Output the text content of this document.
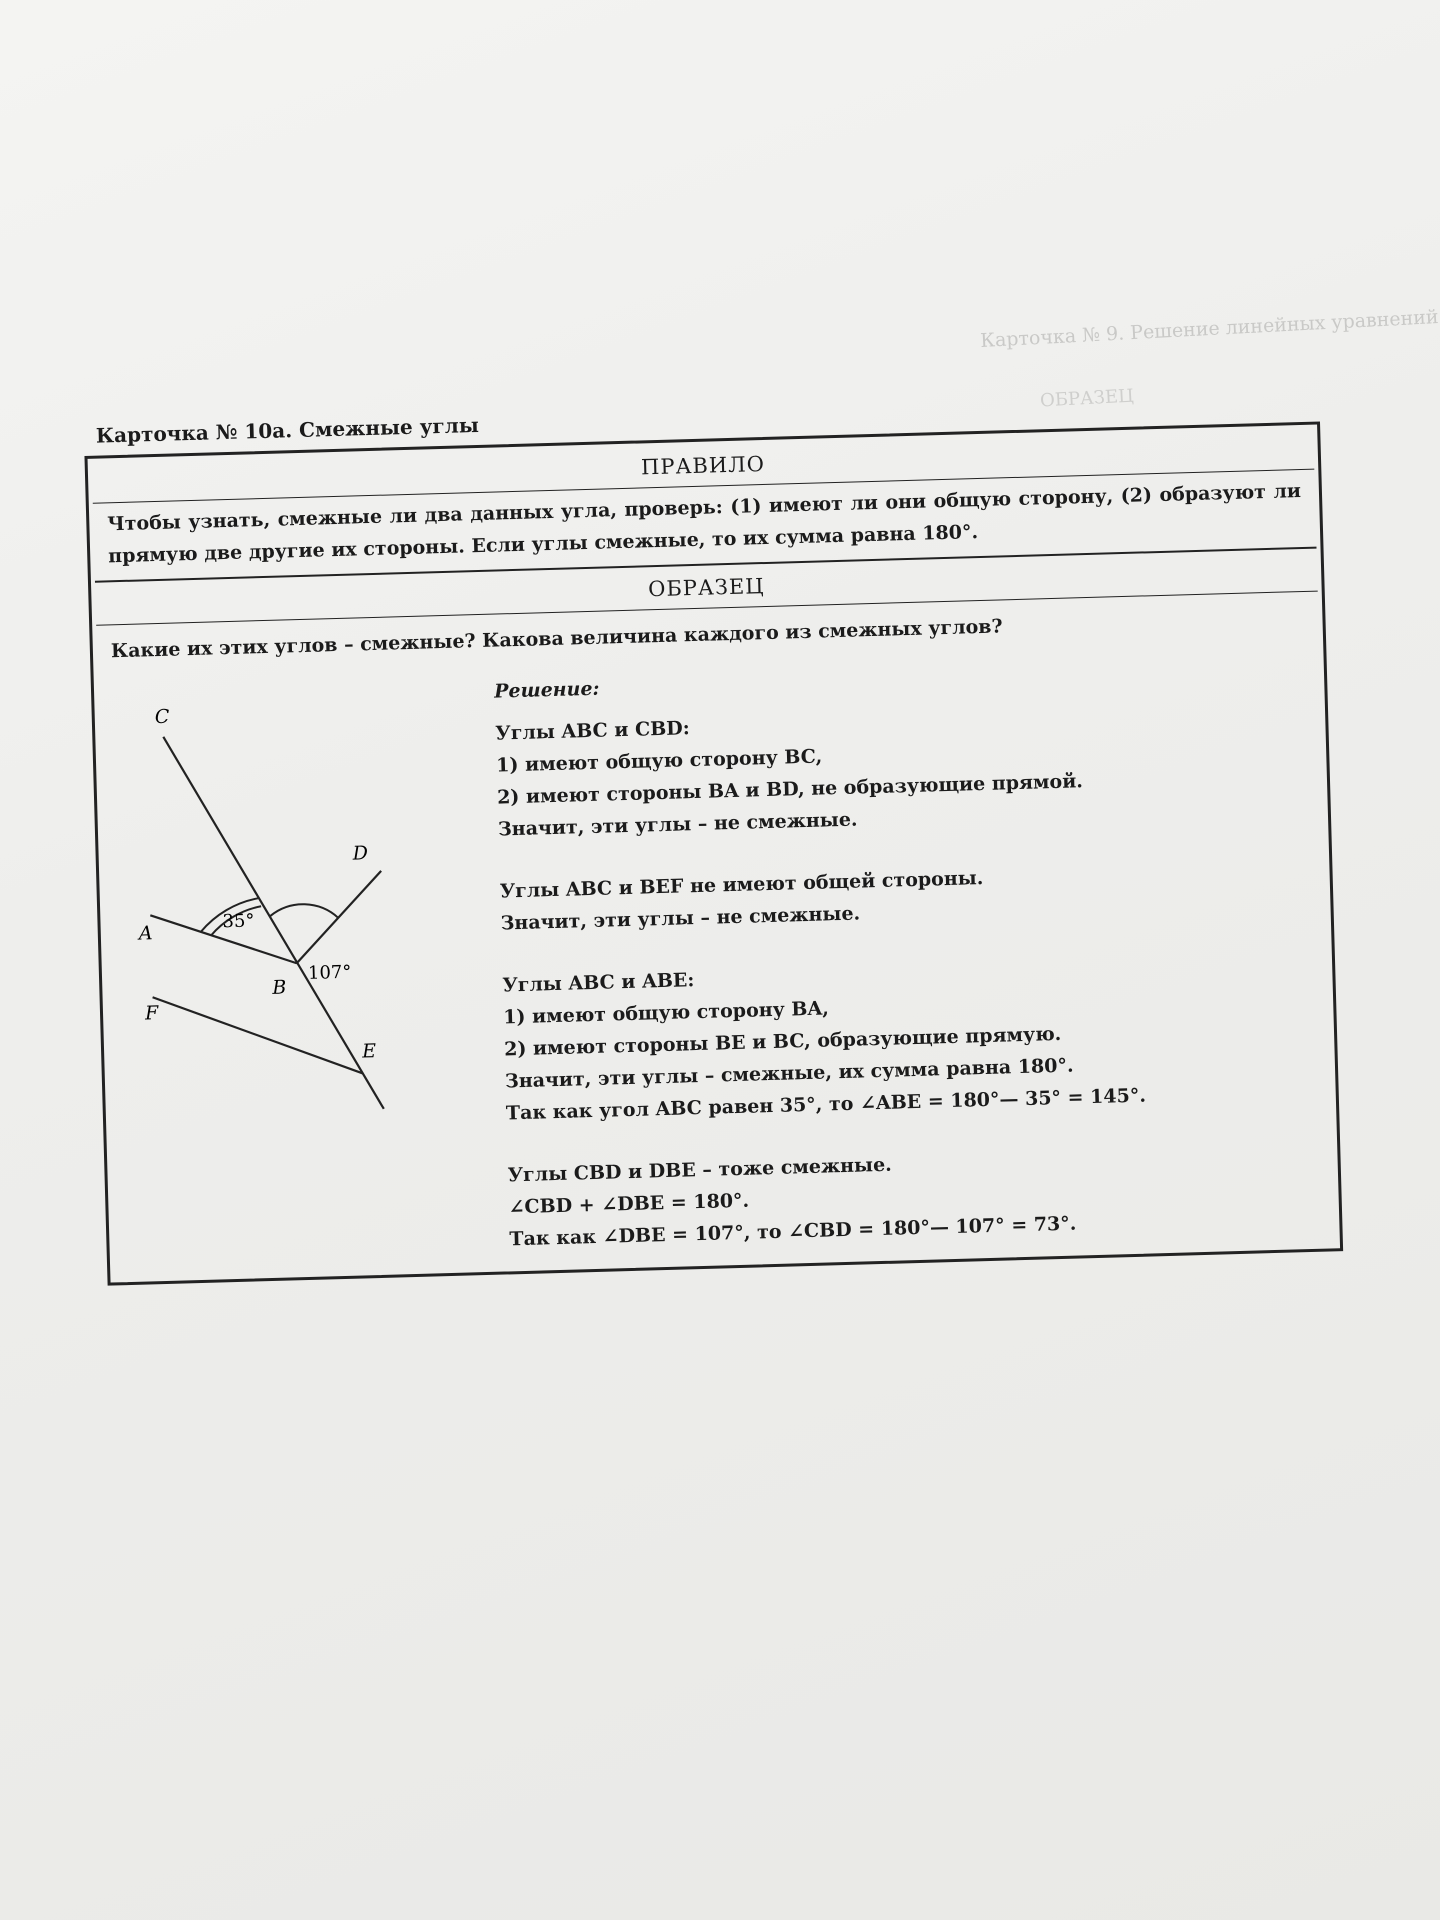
Карточка № 9. Решение линейных уравнений
ОБРАЗЕЦ
Карточка № 10а. Смежные углы
ПРАВИЛО
Чтобы узнать, смежные ли два данных угла, проверь: (1) имеют ли они общую сторону, (2) образуют ли прямую две другие их стороны. Если углы смежные, то их сумма равна 180°.
ОБРАЗЕЦ
Какие их этих углов – смежные? Какова величина каждого из смежных углов?
C
D
A
B
F
E
35°
107°
Решение:
Углы ABC и CBD:
1) имеют общую сторону BC,
2) имеют стороны BA и BD, не образующие прямой.
Значит, эти углы – не смежные.
Углы ABC и BEF не имеют общей стороны.
Значит, эти углы – не смежные.
Углы ABC и ABE:
1) имеют общую сторону BA,
2) имеют стороны BE и BC, образующие прямую.
Значит, эти углы – смежные, их сумма равна 180°.
Так как угол ABC равен 35°, то ∠ABE = 180°— 35° = 145°.
Углы CBD и DBE – тоже смежные.
∠CBD + ∠DBE = 180°.
Так как ∠DBE = 107°, то ∠CBD = 180°— 107° = 73°.
